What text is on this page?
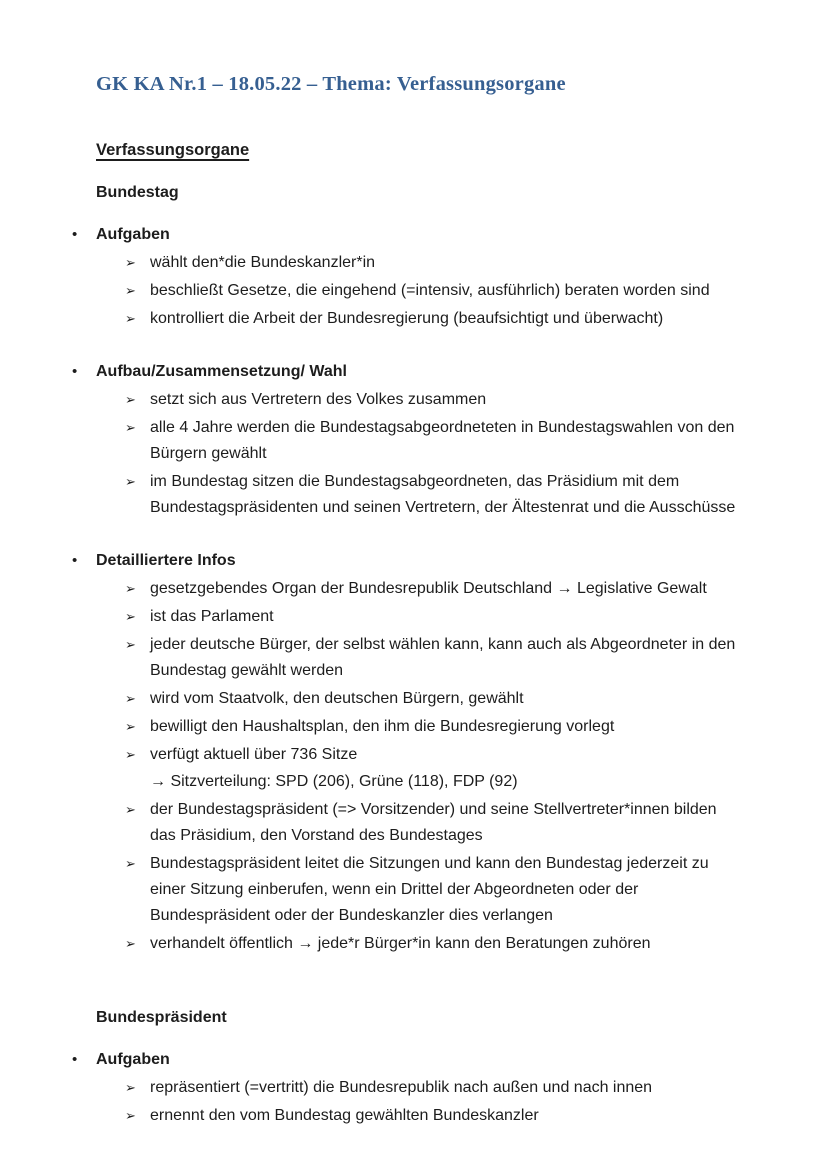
GK KA Nr.1 – 18.05.22 – Thema: Verfassungsorgane
Verfassungsorgane
Bundestag
•	Aufgaben
➢ wählt den*die Bundeskanzler*in
➢ beschließt Gesetze, die eingehend (=intensiv, ausführlich) beraten worden sind
➢ kontrolliert die Arbeit der Bundesregierung (beaufsichtigt und überwacht)
•	Aufbau/Zusammensetzung/ Wahl
➢ setzt sich aus Vertretern des Volkes zusammen
➢ alle 4 Jahre werden die Bundestagsabgeordneteten in Bundestagswahlen von den Bürgern gewählt
➢ im Bundestag sitzen die Bundestagsabgeordneten, das Präsidium mit dem Bundestagspräsidenten und seinen Vertretern, der Ältestenrat und die Ausschüsse
•	Detailliertere Infos
➢ gesetzgebendes Organ der Bundesrepublik Deutschland → Legislative Gewalt
➢ ist das Parlament
➢ jeder deutsche Bürger, der selbst wählen kann, kann auch als Abgeordneter in den Bundestag gewählt werden
➢ wird vom Staatvolk, den deutschen Bürgern, gewählt
➢ bewilligt den Haushaltsplan, den ihm die Bundesregierung vorlegt
➢ verfügt aktuell über 736 Sitze
→ Sitzverteilung: SPD (206), Grüne (118), FDP (92)
➢ der Bundestagspräsident (=> Vorsitzender) und seine Stellvertreter*innen bilden das Präsidium, den Vorstand des Bundestages
➢ Bundestagspräsident leitet die Sitzungen und kann den Bundestag jederzeit zu einer Sitzung einberufen, wenn ein Drittel der Abgeordneten oder der Bundespräsident oder der Bundeskanzler dies verlangen
➢ verhandelt öffentlich → jede*r Bürger*in kann den Beratungen zuhören
Bundespräsident
•	Aufgaben
➢ repräsentiert (=vertritt) die Bundesrepublik nach außen und nach innen
➢ ernennt den vom Bundestag gewählten Bundeskanzler
